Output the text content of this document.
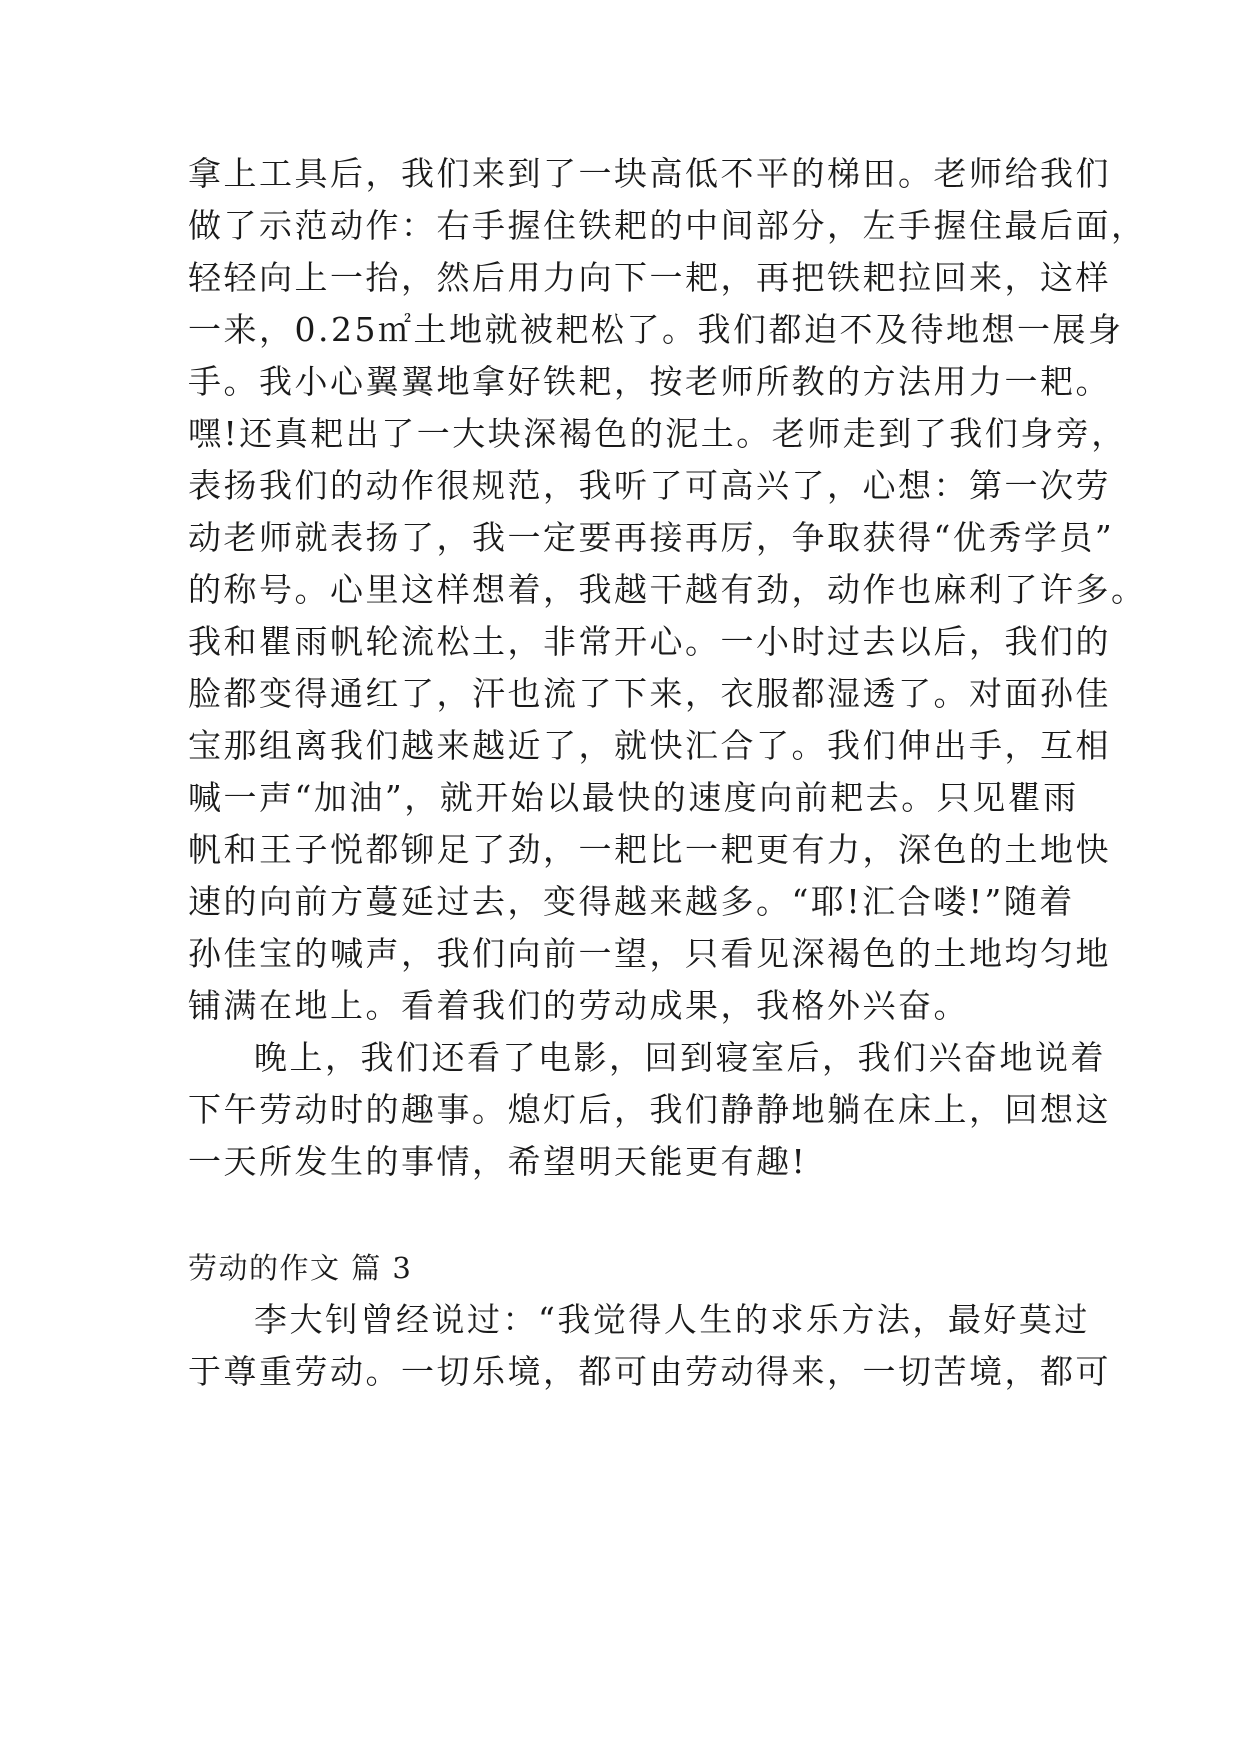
拿上工具后，我们来到了一块高低不平的梯田。老师给我们
做了示范动作：右手握住铁耙的中间部分，左手握住最后面，
轻轻向上一抬，然后用力向下一耙，再把铁耙拉回来，这样
一来，0.25㎡土地就被耙松了。我们都迫不及待地想一展身
手。我小心翼翼地拿好铁耙，按老师所教的方法用力一耙。
嘿!还真耙出了一大块深褐色的泥土。老师走到了我们身旁，
表扬我们的动作很规范，我听了可高兴了，心想：第一次劳
动老师就表扬了，我一定要再接再厉，争取获得“优秀学员”
的称号。心里这样想着，我越干越有劲，动作也麻利了许多。
我和瞿雨帆轮流松土，非常开心。一小时过去以后，我们的
脸都变得通红了，汗也流了下来，衣服都湿透了。对面孙佳
宝那组离我们越来越近了，就快汇合了。我们伸出手，互相
喊一声“加油”，就开始以最快的速度向前耙去。只见瞿雨
帆和王子悦都铆足了劲，一耙比一耙更有力，深色的土地快
速的向前方蔓延过去，变得越来越多。“耶!汇合喽!”随着
孙佳宝的喊声，我们向前一望，只看见深褐色的土地均匀地
铺满在地上。看着我们的劳动成果，我格外兴奋。
晚上，我们还看了电影，回到寝室后，我们兴奋地说着
下午劳动时的趣事。熄灯后，我们静静地躺在床上，回想这
一天所发生的事情，希望明天能更有趣!
劳动的作文 篇 3
李大钊曾经说过：“我觉得人生的求乐方法，最好莫过
于尊重劳动。一切乐境，都可由劳动得来，一切苦境，都可
